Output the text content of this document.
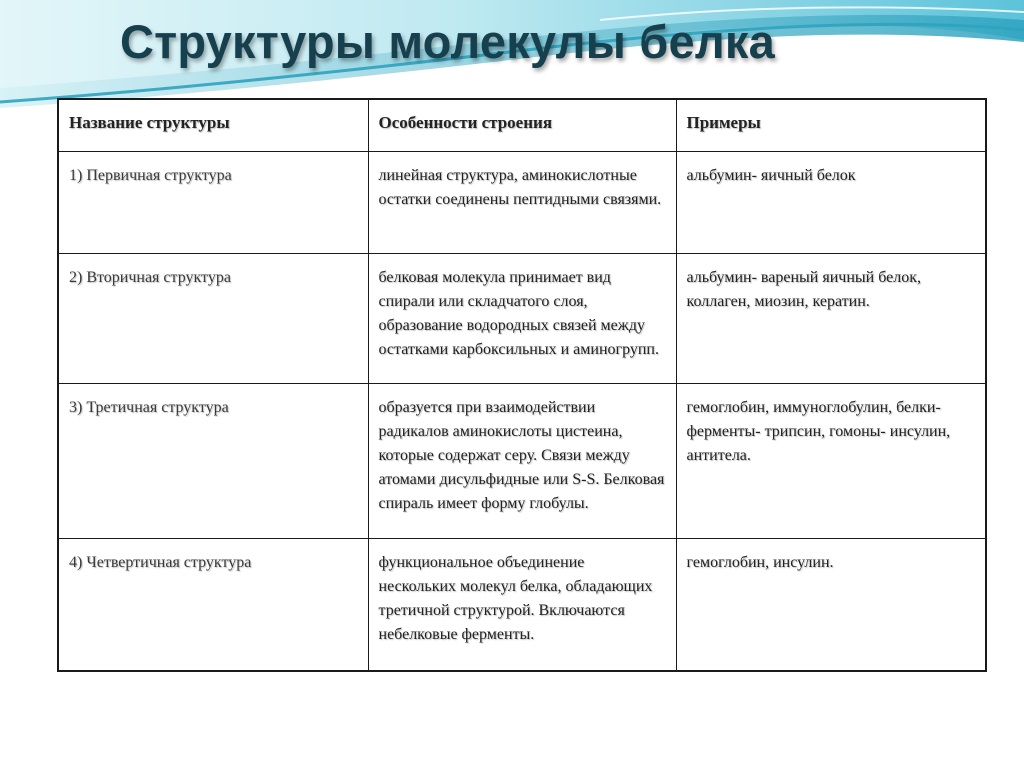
Структуры молекулы белка
Название структуры	Особенности строения	Примеры
1) Первичная структура	линейная структура, аминокислотные остатки соединены пептидными связями.	альбумин- яичный белок
2) Вторичная структура	белковая молекула принимает вид спирали или складчатого слоя, образование водородных связей между остатками карбоксильных и аминогрупп.	альбумин- вареный яичный белок, коллаген, миозин, кератин.
3) Третичная структура	образуется при взаимодействии радикалов аминокислоты цистеина, которые содержат серу. Связи между атомами дисульфидные или S-S. Белковая спираль имеет форму глобулы.	гемоглобин, иммуноглобулин, белки-ферменты- трипсин, гомоны- инсулин, антитела.
4) Четвертичная структура	функциональное объединение нескольких молекул белка, обладающих третичной структурой. Включаются небелковые ферменты.	гемоглобин, инсулин.
